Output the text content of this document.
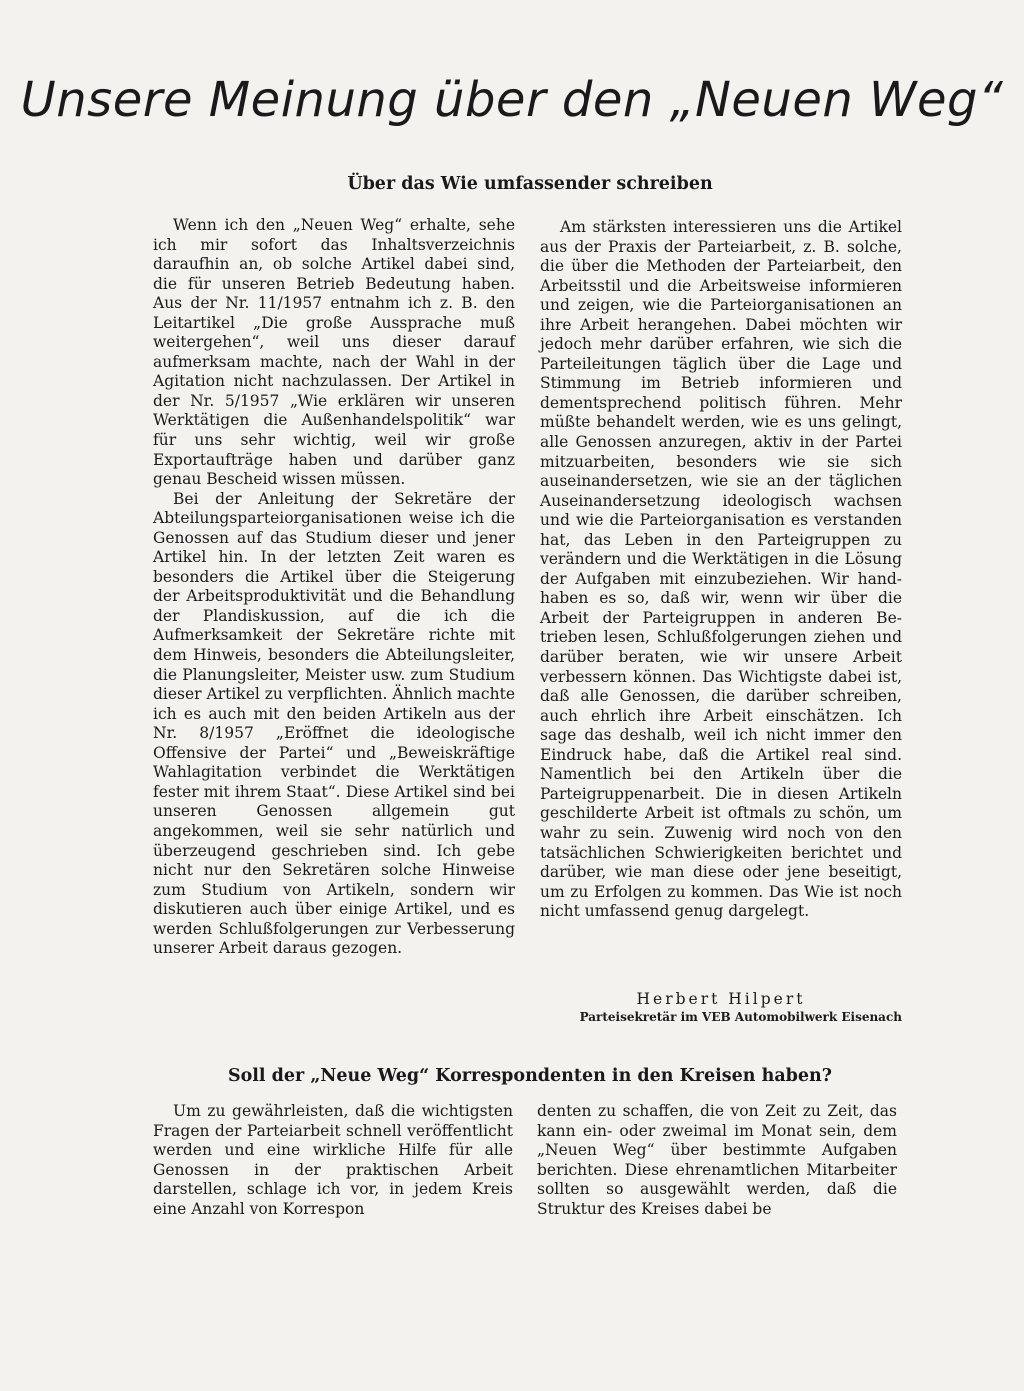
Unsere Meinung über den „Neuen Weg“
Über das Wie umfassender schreiben

Wenn ich den „Neuen Weg“ erhalte, sehe ich mir sofort das Inhaltsverzeichnis daraufhin an, ob solche Artikel dabei sind, die für unseren Betrieb Bedeutung haben. Aus der Nr. 11/1957 entnahm ich z. B. den Leitartikel „Die große Aussprache muß weitergehen“, weil uns dieser darauf aufmerksam machte, nach der Wahl in der Agitation nicht nachzulassen. Der Artikel in der Nr. 5/1957 „Wie erklären wir unseren Werktätigen die Außenhandelspolitik“ war für uns sehr wichtig, weil wir große Exportaufträge haben und darüber ganz genau Bescheid wissen müssen.

Bei der Anleitung der Sekretäre der Abteilungsparteiorganisationen weise ich die Genossen auf das Studium dieser und jener Artikel hin. In der letzten Zeit waren es besonders die Artikel über die Steigerung der Arbeitsproduktivität und die Behandlung der Plandiskussion, auf die ich die Aufmerksamkeit der Sekretäre richte mit dem Hinweis, besonders die Abteilungsleiter, die Planungsleiter, Meister usw. zum Studium dieser Artikel zu verpflichten. Ähnlich machte ich es auch mit den beiden Artikeln aus der Nr. 8/1957 „Eröffnet die ideologische Offensive der Partei“ und „Beweiskräftige Wahlagitation verbindet die Werktätigen fester mit ihrem Staat“. Diese Artikel sind bei unseren Genossen allgemein gut angekommen, weil sie sehr natürlich und überzeugend geschrieben sind. Ich gebe nicht nur den Sekretären solche Hinweise zum Studium von Artikeln, sondern wir diskutieren auch über einige Artikel, und es werden Schlußfolgerungen zur Verbesserung unserer Arbeit daraus gezogen.

Am stärksten interessieren uns die Artikel aus der Praxis der Parteiarbeit, z. B. solche, die über die Methoden der Parteiarbeit, den Arbeitsstil und die Arbeitsweise informieren und zeigen, wie die Parteiorganisationen an ihre Arbeit herangehen. Dabei möchten wir jedoch mehr darüber erfahren, wie sich die Parteileitungen täglich über die Lage und Stimmung im Betrieb informieren und dementsprechend politisch führen. Mehr müßte behandelt werden, wie es uns gelingt, alle Genossen anzuregen, aktiv in der Partei mitzuarbeiten, besonders wie sie sich auseinandersetzen, wie sie an der täglichen Auseinandersetzung ideologisch wachsen und wie die Parteiorganisation es verstanden hat, das Leben in den Parteigruppen zu verändern und die Werktätigen in die Lösung der Aufgaben mit einzubeziehen. Wir handhaben es so, daß wir, wenn wir über die Arbeit der Parteigruppen in anderen Betrieben lesen, Schlußfolgerungen ziehen und darüber beraten, wie wir unsere Arbeit verbessern können. Das Wichtigste dabei ist, daß alle Genossen, die darüber schreiben, auch ehrlich ihre Arbeit einschätzen. Ich sage das deshalb, weil ich nicht immer den Eindruck habe, daß die Artikel real sind. Namentlich bei den Artikeln über die Parteigruppenarbeit. Die in diesen Artikeln geschilderte Arbeit ist oftmals zu schön, um wahr zu sein. Zuwenig wird noch von den tatsächlichen Schwierigkeiten berichtet und darüber, wie man diese oder jene beseitigt, um zu Erfolgen zu kommen. Das Wie ist noch nicht umfassend genug dargelegt.

Herbert Hilpert
Parteisekretär im VEB Automobilwerk Eisenach
Soll der „Neue Weg“ Korrespondenten in den Kreisen haben?

Um zu gewährleisten, daß die wichtigsten Fragen der Parteiarbeit schnell veröffentlicht werden und eine wirkliche Hilfe für alle Genossen in der praktischen Arbeit darstellen, schlage ich vor, in jedem Kreis eine Anzahl von Korrespon

denten zu schaffen, die von Zeit zu Zeit, das kann ein- oder zweimal im Monat sein, dem „Neuen Weg“ über bestimmte Aufgaben berichten. Diese ehrenamtlichen Mitarbeiter sollten so ausgewählt werden, daß die Struktur des Kreises dabei be
